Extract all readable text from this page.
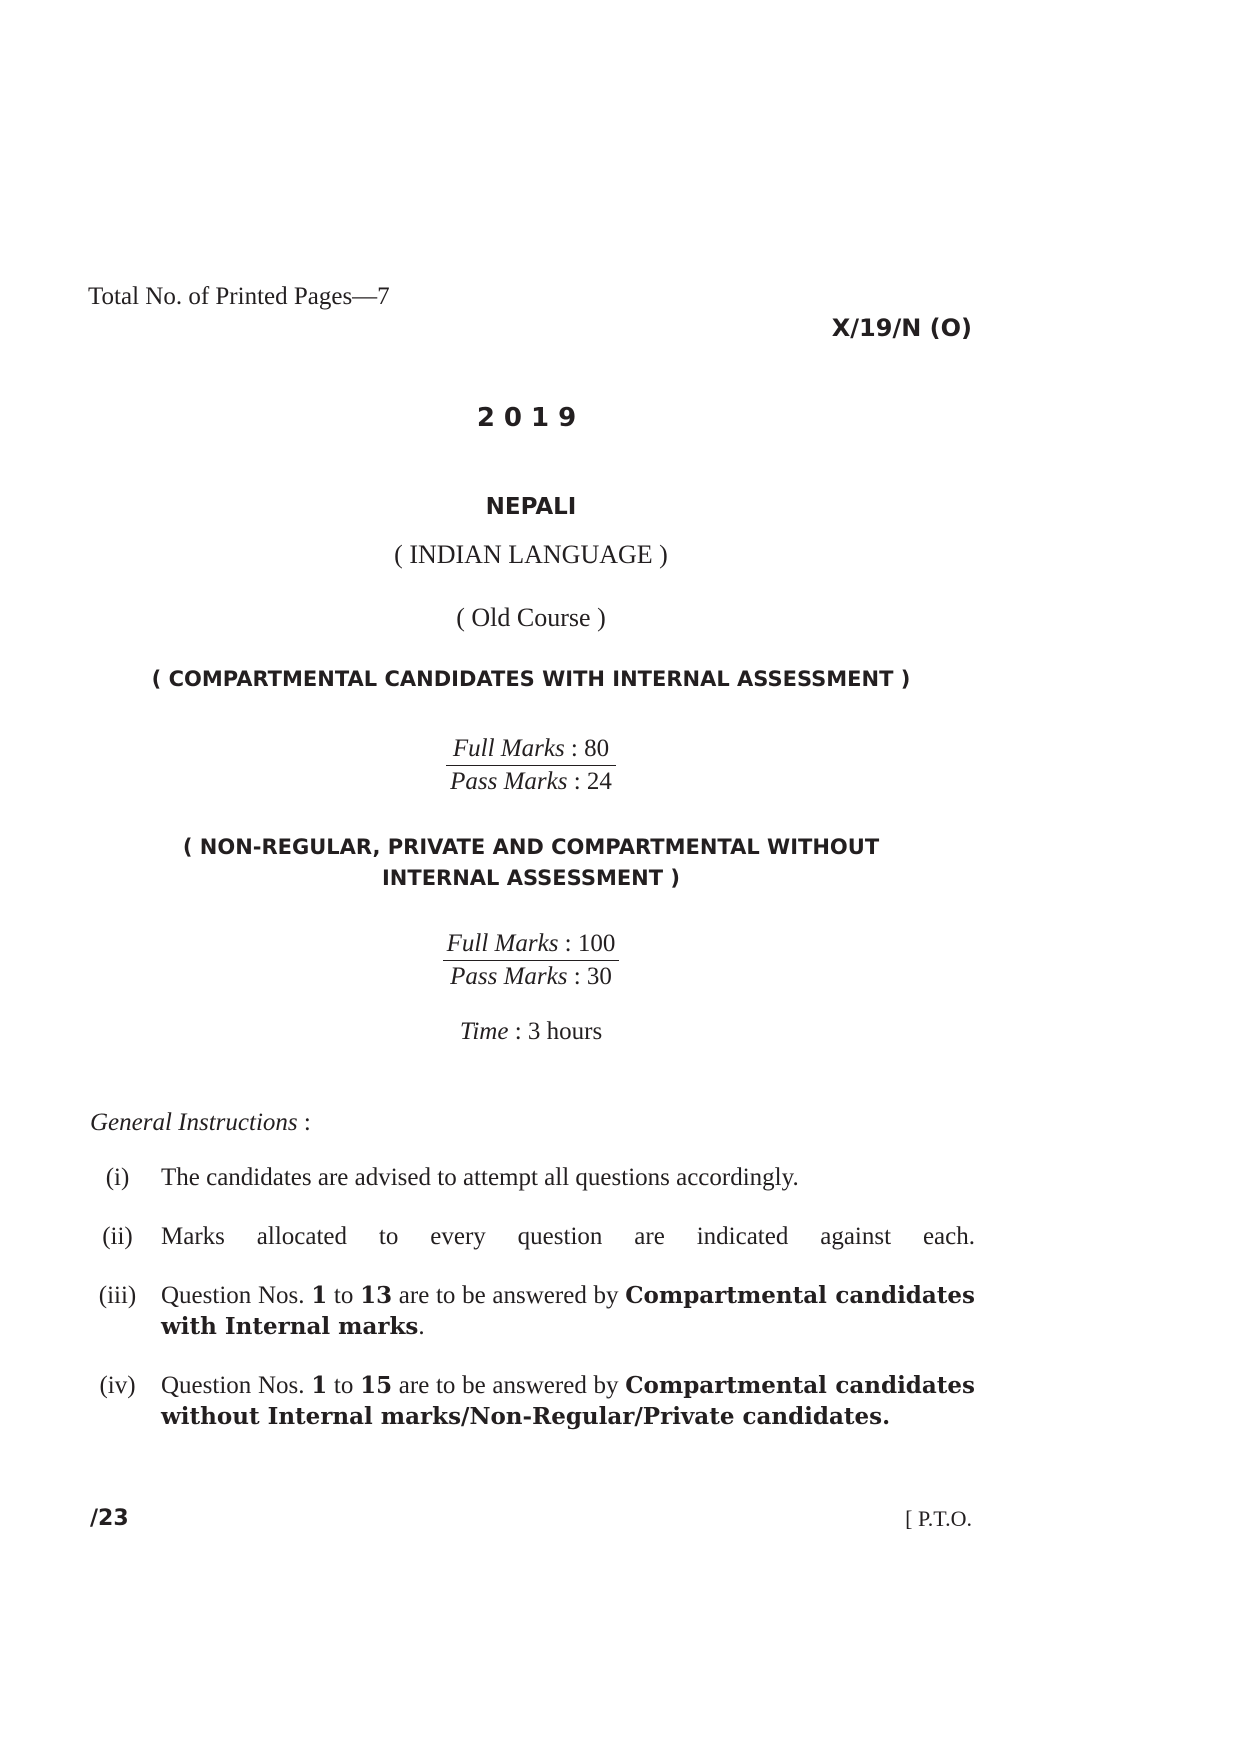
Total No. of Printed Pages—7
X/19/N (O)
2019
NEPALI
( INDIAN LANGUAGE )
( Old Course )
( COMPARTMENTAL CANDIDATES WITH INTERNAL ASSESSMENT )
Full Marks : 80
Pass Marks : 24
( NON-REGULAR, PRIVATE AND COMPARTMENTAL WITHOUT
INTERNAL ASSESSMENT )
Full Marks : 100
Pass Marks : 30
Time : 3 hours
General Instructions :
(i)	The candidates are advised to attempt all questions accordingly.
(ii) Marks allocated to every question are indicated against each.
(iii) Question Nos. 1 to 13 are to be answered by Compartmental candidates with Internal marks.
(iv) Question Nos. 1 to 15 are to be answered by Compartmental candidates without Internal marks/Non-Regular/Private candidates.
/23	[ P.T.O.
